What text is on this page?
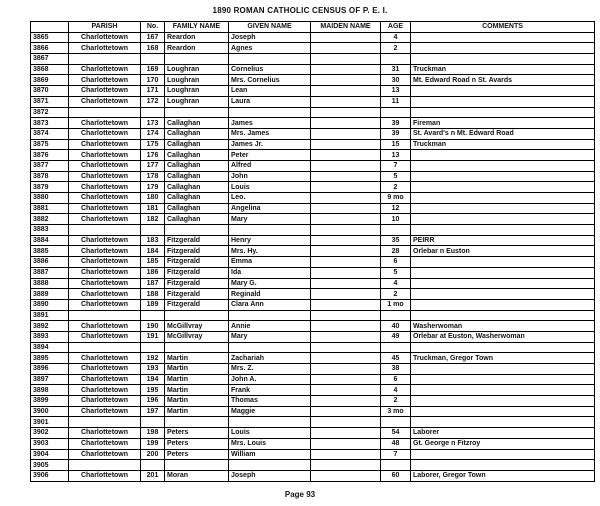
1890 ROMAN CATHOLIC CENSUS OF P. E. I.
	PARISH	No.	FAMILY NAME	GIVEN NAME	MAIDEN NAME	AGE	COMMENTS
3865	Charlottetown	167	Reardon	Joseph		4	
3866	Charlottetown	168	Reardon	Agnes		2	
3867							
3868	Charlottetown	169	Loughran	Cornelius		31	Truckman
3869	Charlottetown	170	Loughran	Mrs. Cornelius		30	Mt. Edward Road n St. Avards
3870	Charlottetown	171	Loughran	Lean		13	
3871	Charlottetown	172	Loughran	Laura		11	
3872							
3873	Charlottetown	173	Callaghan	James		39	Fireman
3874	Charlottetown	174	Callaghan	Mrs. James		39	St. Avard's n Mt. Edward Road
3875	Charlottetown	175	Callaghan	James Jr.		15	Truckman
3876	Charlottetown	176	Callaghan	Peter		13	
3877	Charlottetown	177	Callaghan	Alfred		7	
3878	Charlottetown	178	Callaghan	John		5	
3879	Charlottetown	179	Callaghan	Louis		2	
3880	Charlottetown	180	Callaghan	Leo.		9 mo	
3881	Charlottetown	181	Callaghan	Angelina		12	
3882	Charlottetown	182	Callaghan	Mary		10	
3883							
3884	Charlottetown	183	Fitzgerald	Henry		35	PEIRR
3885	Charlottetown	184	Fitzgerald	Mrs. Hy.		28	Orlebar n Euston
3886	Charlottetown	185	Fitzgerald	Emma		6	
3887	Charlottetown	186	Fitzgerald	Ida		5	
3888	Charlottetown	187	Fitzgerald	Mary G.		4	
3889	Charlottetown	188	Fitzgerald	Reginald		2	
3890	Charlottetown	189	Fitzgerald	Clara Ann		1 mo	
3891							
3892	Charlottetown	190	McGillvray	Annie		40	Washerwoman
3893	Charlottetown	191	McGillvray	Mary		49	Orlebar at Euston, Washerwoman
3894							
3895	Charlottetown	192	Martin	Zachariah		45	Truckman, Gregor Town
3896	Charlottetown	193	Martin	Mrs. Z.		38	
3897	Charlottetown	194	Martin	John A.		6	
3898	Charlottetown	195	Martin	Frank		4	
3899	Charlottetown	196	Martin	Thomas		2	
3900	Charlottetown	197	Martin	Maggie		3 mo	
3901							
3902	Charlottetown	198	Peters	Louis		54	Laborer
3903	Charlottetown	199	Peters	Mrs. Louis		48	Gt. George n Fitzroy
3904	Charlottetown	200	Peters	William		7	
3905							
3906	Charlottetown	201	Moran	Joseph		60	Laborer, Gregor Town
Page 93
